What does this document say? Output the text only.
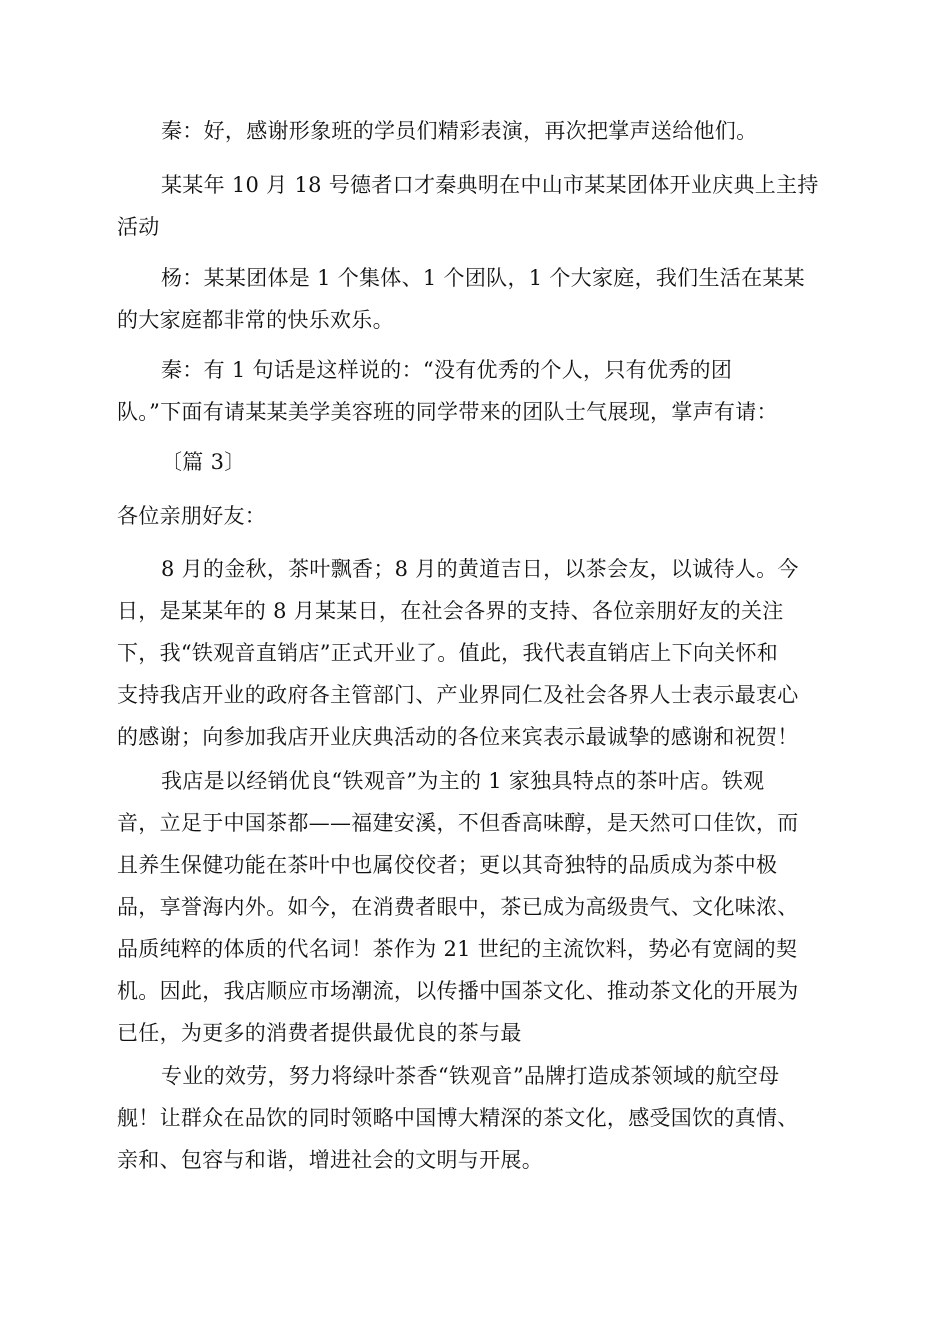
秦：好，感谢形象班的学员们精彩表演，再次把掌声送给他们。

某某年 10 月 18 号德者口才秦典明在中山市某某团体开业庆典上主持
活动

杨：某某团体是 1 个集体、1 个团队，1 个大家庭，我们生活在某某
的大家庭都非常的快乐欢乐。

秦：有 1 句话是这样说的：“没有优秀的个人，只有优秀的团
队。”下面有请某某美学美容班的同学带来的团队士气展现，掌声有请：

〔篇 3〕

各位亲朋好友：

8 月的金秋，茶叶飘香；8 月的黄道吉日，以茶会友，以诚待人。今
日，是某某年的 8 月某某日，在社会各界的支持、各位亲朋好友的关注
下，我“铁观音直销店”正式开业了。值此，我代表直销店上下向关怀和
支持我店开业的政府各主管部门、产业界同仁及社会各界人士表示最衷心
的感谢；向参加我店开业庆典活动的各位来宾表示最诚挚的感谢和祝贺！

我店是以经销优良“铁观音”为主的 1 家独具特点的茶叶店。铁观
音，立足于中国茶都——福建安溪，不但香高味醇，是天然可口佳饮，而
且养生保健功能在茶叶中也属佼佼者；更以其奇独特的品质成为茶中极
品，享誉海内外。如今，在消费者眼中，茶已成为高级贵气、文化味浓、
品质纯粹的体质的代名词！茶作为 21 世纪的主流饮料，势必有宽阔的契
机。因此，我店顺应市场潮流，以传播中国茶文化、推动茶文化的开展为
已任，为更多的消费者提供最优良的茶与最

专业的效劳，努力将绿叶茶香“铁观音”品牌打造成茶领域的航空母
舰！让群众在品饮的同时领略中国博大精深的茶文化，感受国饮的真情、
亲和、包容与和谐，增进社会的文明与开展。
